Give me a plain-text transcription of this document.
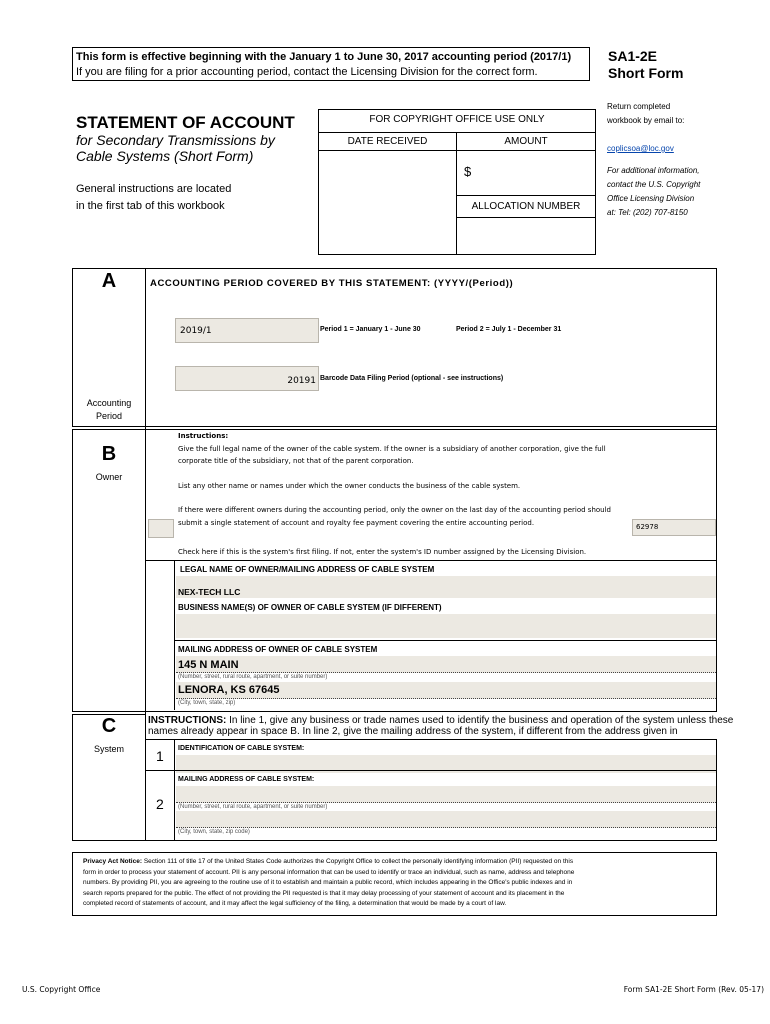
This form is effective beginning with the January 1 to June 30, 2017 accounting period (2017/1)
If you are filing for a prior accounting period, contact the Licensing Division for the correct form.
SA1-2E
Short Form
STATEMENT OF ACCOUNT
for Secondary Transmissions by
Cable Systems (Short Form)
General instructions are located
in the first tab of this workbook
FOR COPYRIGHT OFFICE USE ONLY
DATE RECEIVED	AMOUNT
$
ALLOCATION NUMBER
Return completed
workbook by email to:
coplicsoa@loc.gov
For additional information,
contact the U.S. Copyright
Office Licensing Division
at: Tel: (202) 707-8150
A
Accounting
Period
ACCOUNTING PERIOD COVERED BY THIS STATEMENT: (YYYY/(Period))
2019/1	Period 1 = January 1 - June 30	Period 2 = July 1 - December 31
20191 Barcode Data Filing Period (optional - see instructions)
B
Owner
Instructions:
Give the full legal name of the owner of the cable system. If the owner is a subsidiary of another corporation, give the full
corporate title of the subsidiary, not that of the parent corporation.
List any other name or names under which the owner conducts the business of the cable system.
If there were different owners during the accounting period, only the owner on the last day of the accounting period should
submit a single statement of account and royalty fee payment covering the entire accounting period.	62978
Check here if this is the system's first filing. If not, enter the system's ID number assigned by the Licensing Division.
LEGAL NAME OF OWNER/MAILING ADDRESS OF CABLE SYSTEM
NEX-TECH LLC
BUSINESS NAME(S) OF OWNER OF CABLE SYSTEM (IF DIFFERENT)
MAILING ADDRESS OF OWNER OF CABLE SYSTEM
145 N MAIN
(Number, street, rural route, apartment, or suite number)
LENORA, KS 67645
(City, town, state, zip)
C
System
INSTRUCTIONS: In line 1, give any business or trade names used to identify the business and operation of the system unless these
names already appear in space B. In line 2, give the mailing address of the system, if different from the address given in
1 IDENTIFICATION OF CABLE SYSTEM:
MAILING ADDRESS OF CABLE SYSTEM:
2 (Number, street, rural route, apartment, or suite number)
(City, town, state, zip code)
Privacy Act Notice: Section 111 of title 17 of the United States Code authorizes the Copyright Office to collect the personally identifying information (PII) requested on this
form in order to process your statement of account. PII is any personal information that can be used to identify or trace an individual, such as name, address and telephone
numbers. By providing PII, you are agreeing to the routine use of it to establish and maintain a public record, which includes appearing in the Office's public indexes and in
search reports prepared for the public. The effect of not providing the PII requested is that it may delay processing of your statement of account and its placement in the
completed record of statements of account, and it may affect the legal sufficiency of the filing, a determination that would be made by a court of law.
U.S. Copyright Office	Form SA1-2E Short Form (Rev. 05-17)
